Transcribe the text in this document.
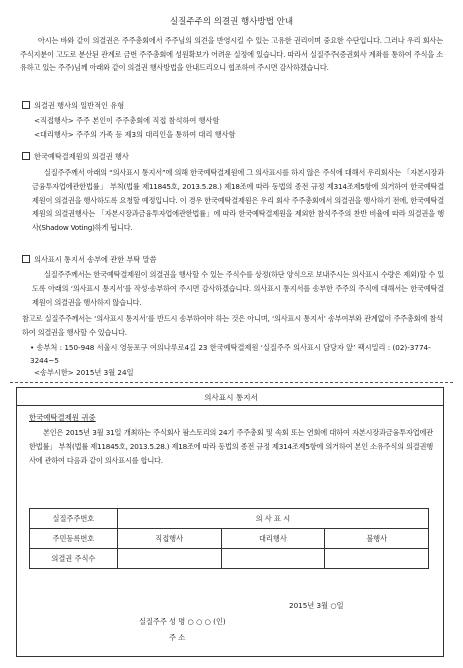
실질주주의 의결권 행사방법 안내
아시는 바와 같이 의결권은 주주총회에서 주주님의 의견을 반영시킬 수 있는 고유한 권리이며 중요한 수단입니다. 그러나 우리 회사는 주식지분이 고도로 분산된 관계로 금번 주주총회에 성원확보가 어려운 실정에 있습니다. 따라서 실질주주(증권회사 계좌를 통하여 주식을 소유하고 있는 주주)님께 아래와 같이 의결권 행사방법을 안내드리오니 협조하여 주시면 감사하겠습니다.
의결권 행사의 일반적인 유형
<직접행사> 주주 본인이 주주총회에 직접 참석하여 행사함
<대리행사> 주주의 가족 등 제3의 대리인을 통하여 대리 행사함
한국예탁결제원의 의결권 행사
실질주주께서 아래의 “의사표시 통지서”에 의해 한국예탁결제원에 그 의사표시를 하지 않은 주식에 대해서 우리회사는 「자본시장과금융투자업에관한법률」 부칙(법률 제11845호, 2013.5.28.) 제18조에 따라 동법의 종전 규정 제314조제5항에 의거하여 한국예탁결제원이 의결권을 행사하도록 요청할 예정입니다. 이 경우 한국예탁결제원은 우리 회사 주주총회에서 의결권을 행사하기 전에, 한국예탁결제원의 의결권행사는 「자본시장과금융투자업에관한법률」에 따라 한국예탁결제원을 제외한 참석주주의 찬반 비율에 따라 의결권을 행사(Shadow Voting)하게 됩니다.
의사표시 통지서 송부에 관한 부탁 말씀
실질주주께서는 한국예탁결제원이 의결권을 행사할 수 있는 주식수를 상정(하단 양식으로 보내주시는 의사표시 수량은 제외)할 수 있도록 아래의 ‘의사표시 통지서’를 작성·송부하여 주시면 감사하겠습니다. 의사표시 통지서를 송부한 주주의 주식에 대해서는 한국예탁결제원이 의결권을 행사하지 않습니다.
참고로 실질주주께서는 ‘의사표시 통지서’를 반드시 송부하여야 하는 것은 아니며, ‘의사표시 통지서’ 송부여부와 관계없이 주주총회에 참석하여 의결권을 행사할 수 있습니다.
• 송부처 : 150-948 서울시 영등포구 여의나루로4길 23 한국예탁결제원 ‘실질주주 의사표시 담당자 앞’ 팩시밀리 : (02)-3774-3244~5
<송부시한> 2015년 3월 24일
의사표시 통지서
한국예탁결제원 귀중
본인은 2015년 3월 31일 개최하는 주식회사 팜스토리의 24기 주주총회 및 속회 또는 연회에 대하여 자본시장과금융투자업에관한법률」 부칙(법률 제11845호, 2013.5.28.) 제18조에 따라 동법의 종전 규정 제314조제5항에 의거하여 본인 소유주식의 의결권행사에 관하여 다음과 같이 의사표시를 합니다.
실질주주번호	의 사 표 시		
주민등록번호	직접행사	대리행사	불행사
의결권 주식수			
2015년 3월 ○일
실질주주 성 명 ○ ○ ○ (인)
주 소
